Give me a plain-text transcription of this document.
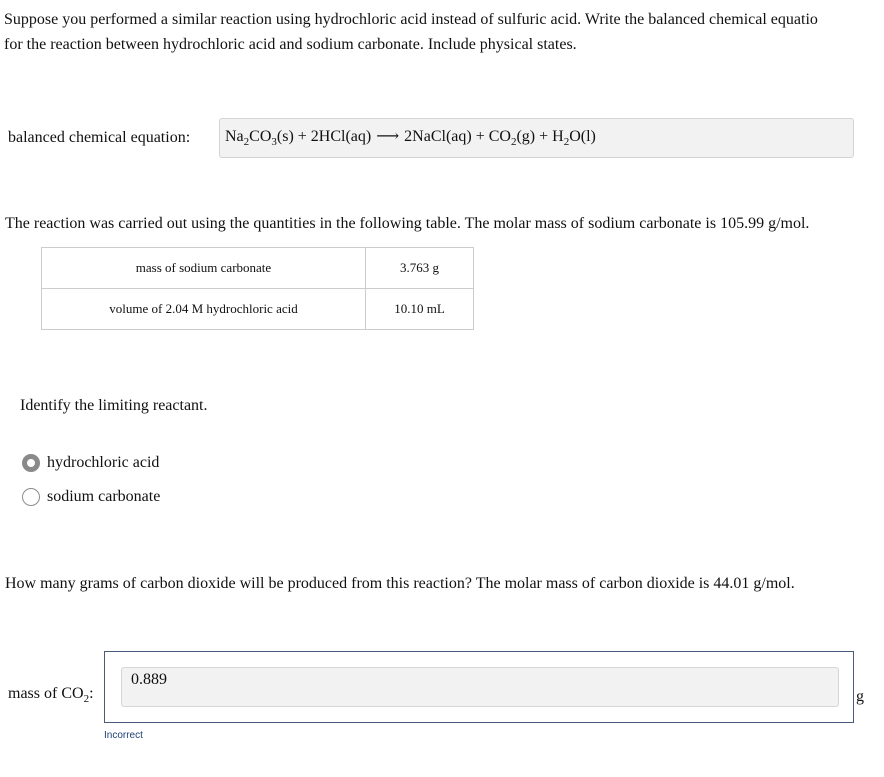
Suppose you performed a similar reaction using hydrochloric acid instead of sulfuric acid. Write the balanced chemical equatio
for the reaction between hydrochloric acid and sodium carbonate. Include physical states.
balanced chemical equation: $Na_2CO_3(s) + 2HCl(aq)$ ⟶ 2NaCl(aq) + $CO_2(g) + H_2O(l)$
The reaction was carried out using the quantities in the following table. The molar mass of sodium carbonate is 105.99 g/mol.
mass of sodium carbonate	3.763 g
volume of 2.04 M hydrochloric acid	10.10 mL
Identify the limiting reactant.
hydrochloric acid
sodium carbonate
How many grams of carbon dioxide will be produced from this reaction? The molar mass of carbon dioxide is 44.01 g/mol.
mass of $CO_2$:
0.889	g
Incorrect
